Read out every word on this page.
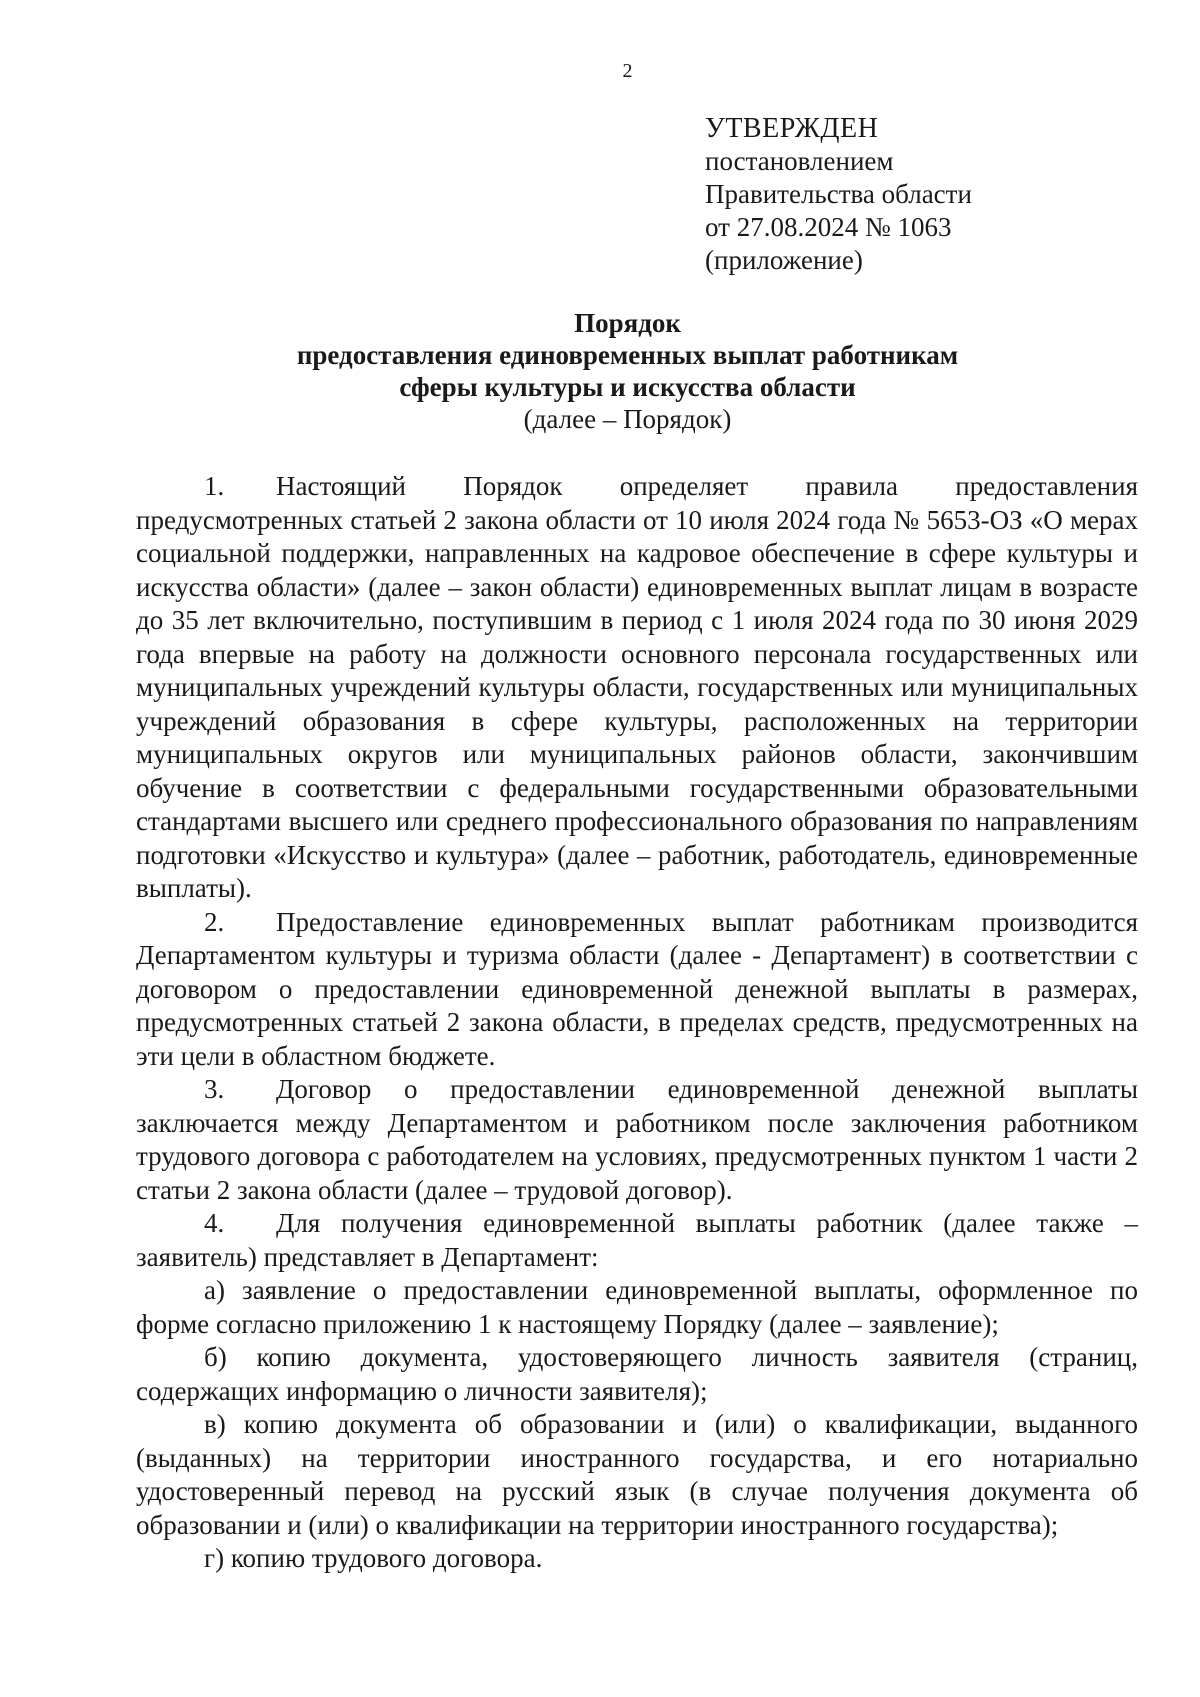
2
УТВЕРЖДЕН
постановлением
Правительства области
от 27.08.2024 № 1063
(приложение)
Порядок
предоставления единовременных выплат работникам
сферы культуры и искусства области
(далее – Порядок)

1. Настоящий Порядок определяет правила предоставления предусмотренных статьей 2 закона области от 10 июля 2024 года № 5653-ОЗ «О мерах социальной поддержки, направленных на кадровое обеспечение в сфере культуры и искусства области» (далее – закон области) единовременных выплат лицам в возрасте до 35 лет включительно, поступившим в период с 1 июля 2024 года по 30 июня 2029 года впервые на работу на должности основного персонала государственных или муниципальных учреждений культуры области, государственных или муниципальных учреждений образования в сфере культуры, расположенных на территории муниципальных округов или муниципальных районов области, закончившим обучение в соответствии с федеральными государственными образовательными стандартами высшего или среднего профессионального образования по направлениям подготовки «Искусство и культура» (далее – работник, работодатель, единовременные выплаты).

2. Предоставление единовременных выплат работникам производится Департаментом культуры и туризма области (далее - Департамент) в соответствии с договором о предоставлении единовременной денежной выплаты в размерах, предусмотренных статьей 2 закона области, в пределах средств, предусмотренных на эти цели в областном бюджете.

3. Договор о предоставлении единовременной денежной выплаты заключается между Департаментом и работником после заключения работником трудового договора с работодателем на условиях, предусмотренных пунктом 1 части 2 статьи 2 закона области (далее – трудовой договор).

4. Для получения единовременной выплаты работник (далее также – заявитель) представляет в Департамент:

а) заявление о предоставлении единовременной выплаты, оформленное по форме согласно приложению 1 к настоящему Порядку (далее – заявление);

б) копию документа, удостоверяющего личность заявителя (страниц, содержащих информацию о личности заявителя);

в) копию документа об образовании и (или) о квалификации, выданного (выданных) на территории иностранного государства, и его нотариально удостоверенный перевод на русский язык (в случае получения документа об образовании и (или) о квалификации на территории иностранного государства);

г) копию трудового договора.
